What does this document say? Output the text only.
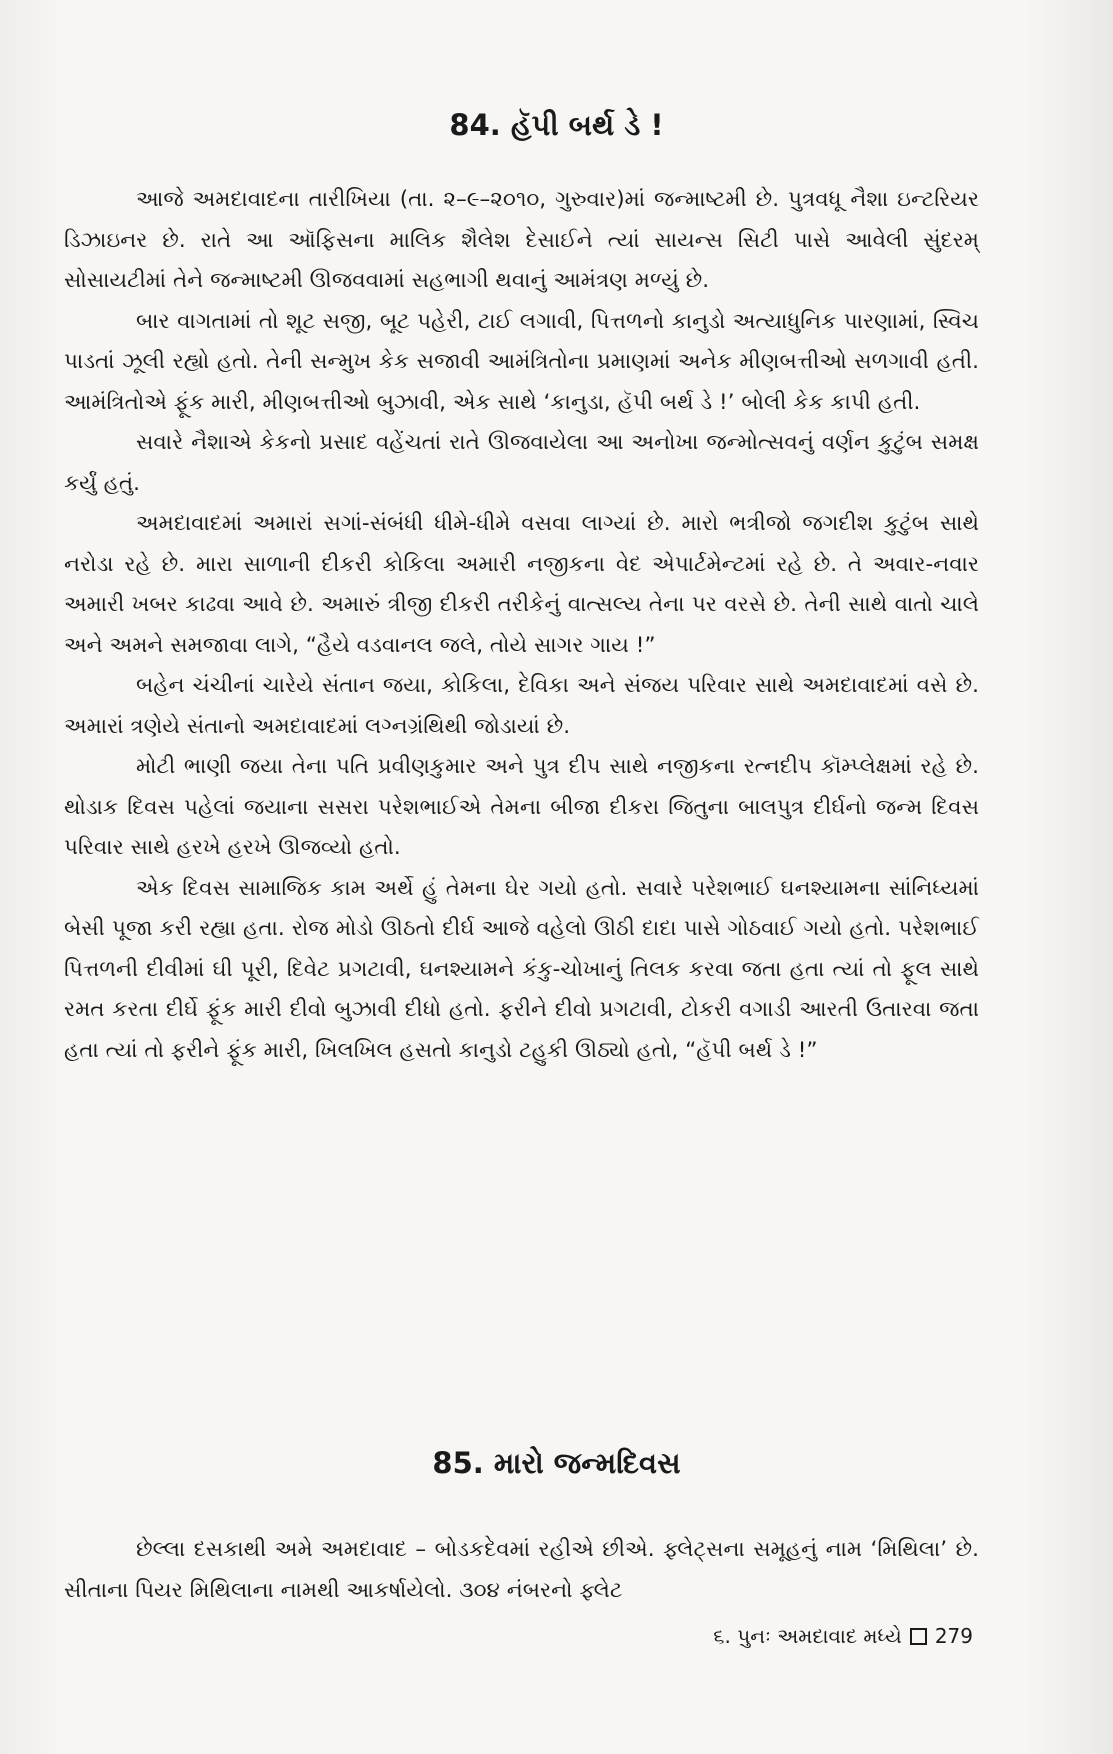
84. હૅપી બર્થ ડે !

આજે અમદાવાદના તારીખિયા (તા. ૨–૯–૨૦૧૦, ગુરુવાર)માં જન્માષ્ટમી છે. પુત્રવધૂ નૈશા ઇન્ટરિયર ડિઝાઇનર છે. રાતે આ ઑફિસના માલિક શૈલેશ દેસાઈને ત્યાં સાયન્સ સિટી પાસે આવેલી સુંદરમ્ સોસાયટીમાં તેને જન્માષ્ટમી ઊજવવામાં સહભાગી થવાનું આમંત્રણ મળ્યું છે.

બાર વાગતામાં તો શૂટ સજી, બૂટ પહેરી, ટાઈ લગાવી, પિત્તળનો કાનુડો અત્યાધુનિક પારણામાં, સ્વિચ પાડતાં ઝૂલી રહ્યો હતો. તેની સન્મુખ કેક સજાવી આમંત્રિતોના પ્રમાણમાં અનેક મીણબત્તીઓ સળગાવી હતી. આમંત્રિતોએ ફૂંક મારી, મીણબત્તીઓ બુઝાવી, એક સાથે ‘કાનુડા, હૅપી બર્થ ડે !’ બોલી કેક કાપી હતી.

સવારે નૈશાએ કેકનો પ્રસાદ વહેંચતાં રાતે ઊજવાયેલા આ અનોખા જન્મોત્સવનું વર્ણન કુટુંબ સમક્ષ કર્યું હતું.

અમદાવાદમાં અમારાં સગાં-સંબંધી ધીમે-ધીમે વસવા લાગ્યાં છે. મારો ભત્રીજો જગદીશ કુટુંબ સાથે નરોડા રહે છે. મારા સાળાની દીકરી કોકિલા અમારી નજીકના વેદ એપાર્ટમેન્ટમાં રહે છે. તે અવાર-નવાર અમારી ખબર કાઢવા આવે છે. અમારું ત્રીજી દીકરી તરીકેનું વાત્સલ્ય તેના પર વરસે છે. તેની સાથે વાતો ચાલે અને અમને સમજાવા લાગે, “હૈયે વડવાનલ જલે, તોયે સાગર ગાય !”

બહેન ચંચીનાં ચારેયે સંતાન જયા, કોકિલા, દેવિકા અને સંજય પરિવાર સાથે અમદાવાદમાં વસે છે. અમારાં ત્રણેયે સંતાનો અમદાવાદમાં લગ્નગ્રંથિથી જોડાયાં છે.

મોટી ભાણી જયા તેના પતિ પ્રવીણકુમાર અને પુત્ર દીપ સાથે નજીકના રત્નદીપ કૉમ્પ્લેક્ષમાં રહે છે. થોડાક દિવસ પહેલાં જયાના સસરા પરેશભાઈએ તેમના બીજા દીકરા જિતુના બાલપુત્ર દીર્ઘનો જન્મ દિવસ પરિવાર સાથે હરખે હરખે ઊજવ્યો હતો.

એક દિવસ સામાજિક કામ અર્થે હું તેમના ઘેર ગયો હતો. સવારે પરેશભાઈ ઘનશ્યામના સાંનિધ્યમાં બેસી પૂજા કરી રહ્યા હતા. રોજ મોડો ઊઠતો દીર્ઘ આજે વહેલો ઊઠી દાદા પાસે ગોઠવાઈ ગયો હતો. પરેશભાઈ પિત્તળની દીવીમાં ઘી પૂરી, દિવેટ પ્રગટાવી, ઘનશ્યામને કંકુ-ચોખાનું તિલક કરવા જતા હતા ત્યાં તો ફૂલ સાથે રમત કરતા દીર્ઘે ફૂંક મારી દીવો બુઝાવી દીધો હતો. ફરીને દીવો પ્રગટાવી, ટોકરી વગાડી આરતી ઉતારવા જતા હતા ત્યાં તો ફરીને ફૂંક મારી, ખિલખિલ હસતો કાનુડો ટહુકી ઊઠ્યો હતો, “હૅપી બર્થ ડે !”

85. મારો જન્મદિવસ

છેલ્લા દસકાથી અમે અમદાવાદ – બોડકદેવમાં રહીએ છીએ. ફ્લેટ્સના સમૂહનું નામ ‘મિથિલા’ છે. સીતાના પિયર મિથિલાના નામથી આકર્ષાયેલો. ૩૦૪ નંબરનો ફ્લેટ

૬. પુનઃ અમદાવાદ મધ્યે 279
